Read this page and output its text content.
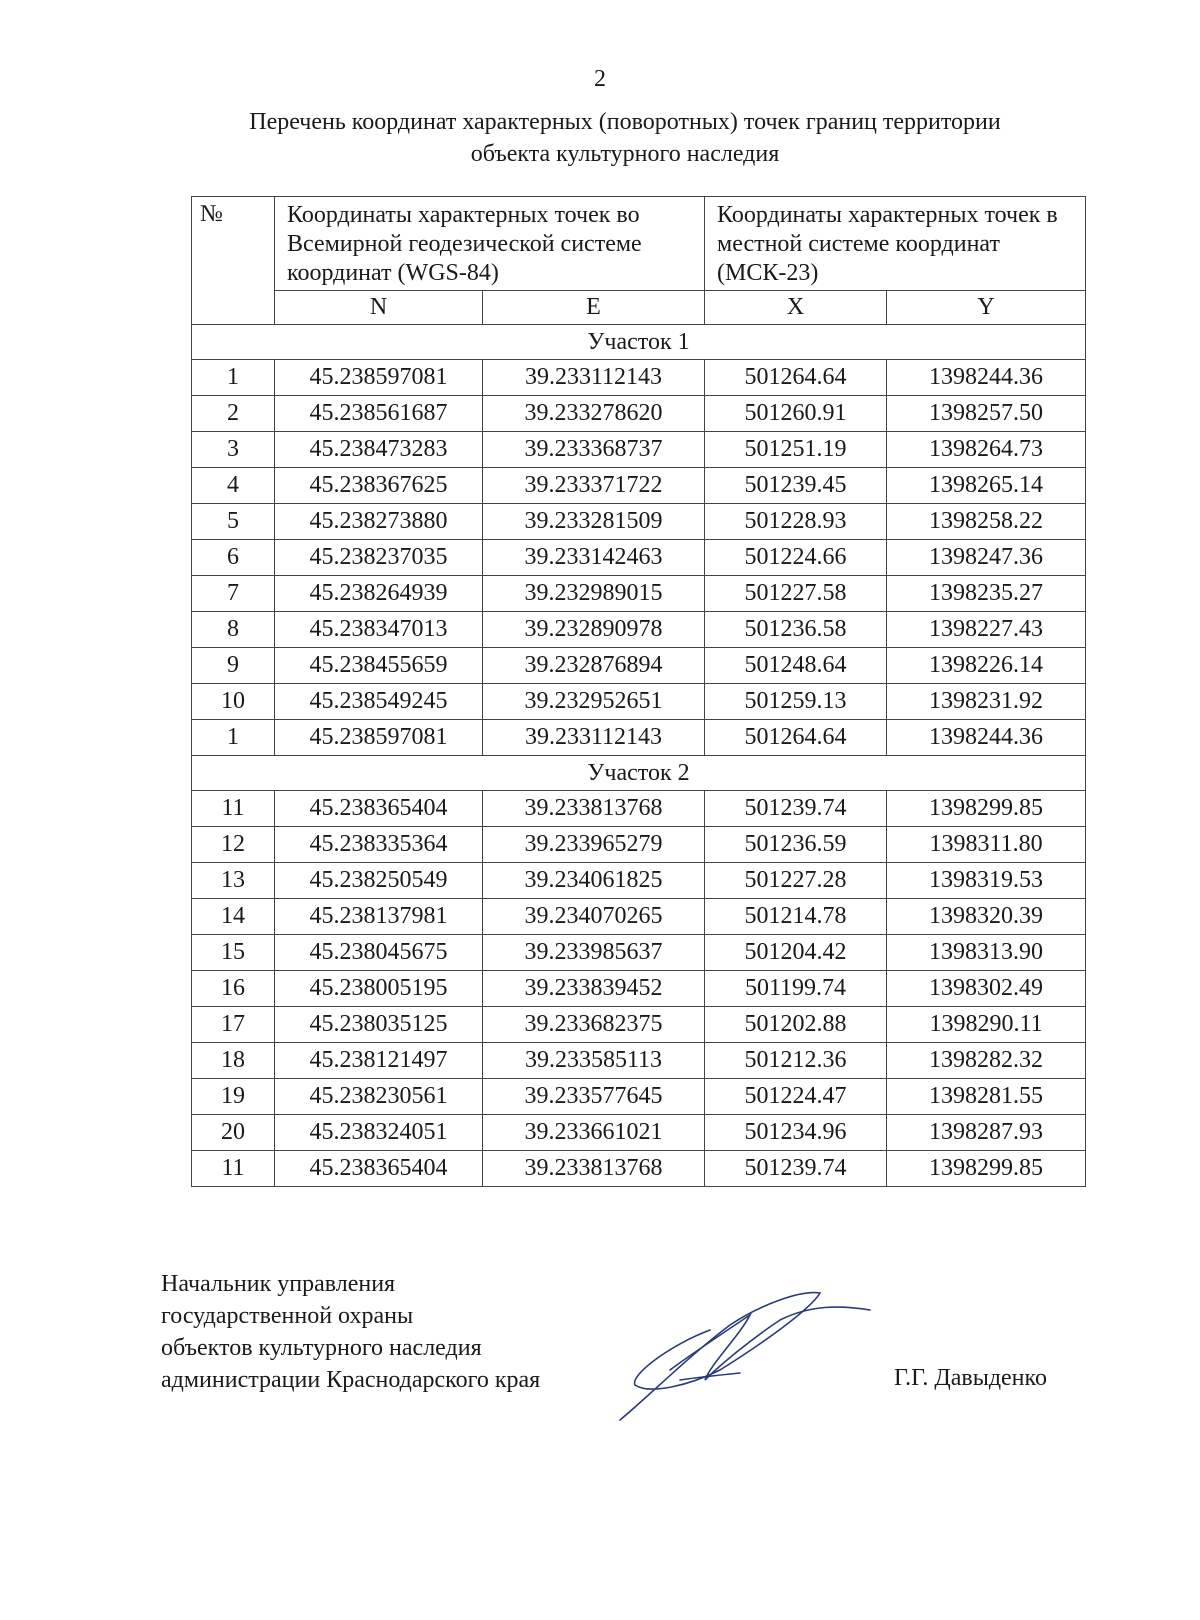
2
Перечень координат характерных (поворотных) точек границ территории
объекта культурного наследия
№	Координаты характерных точек во Всемирной геодезической системе координат (WGS-84)		Координаты характерных точек в местной системе координат (МСК-23)	
	N	E	X	Y
Участок 1				
1	45.238597081	39.233112143	501264.64	1398244.36
2	45.238561687	39.233278620	501260.91	1398257.50
3	45.238473283	39.233368737	501251.19	1398264.73
4	45.238367625	39.233371722	501239.45	1398265.14
5	45.238273880	39.233281509	501228.93	1398258.22
6	45.238237035	39.233142463	501224.66	1398247.36
7	45.238264939	39.232989015	501227.58	1398235.27
8	45.238347013	39.232890978	501236.58	1398227.43
9	45.238455659	39.232876894	501248.64	1398226.14
10	45.238549245	39.232952651	501259.13	1398231.92
1	45.238597081	39.233112143	501264.64	1398244.36
Участок 2				
11	45.238365404	39.233813768	501239.74	1398299.85
12	45.238335364	39.233965279	501236.59	1398311.80
13	45.238250549	39.234061825	501227.28	1398319.53
14	45.238137981	39.234070265	501214.78	1398320.39
15	45.238045675	39.233985637	501204.42	1398313.90
16	45.238005195	39.233839452	501199.74	1398302.49
17	45.238035125	39.233682375	501202.88	1398290.11
18	45.238121497	39.233585113	501212.36	1398282.32
19	45.238230561	39.233577645	501224.47	1398281.55
20	45.238324051	39.233661021	501234.96	1398287.93
11	45.238365404	39.233813768	501239.74	1398299.85
Начальник управления
государственной охраны
объектов культурного наследия
администрации Краснодарского края	Г.Г. Давыденко
